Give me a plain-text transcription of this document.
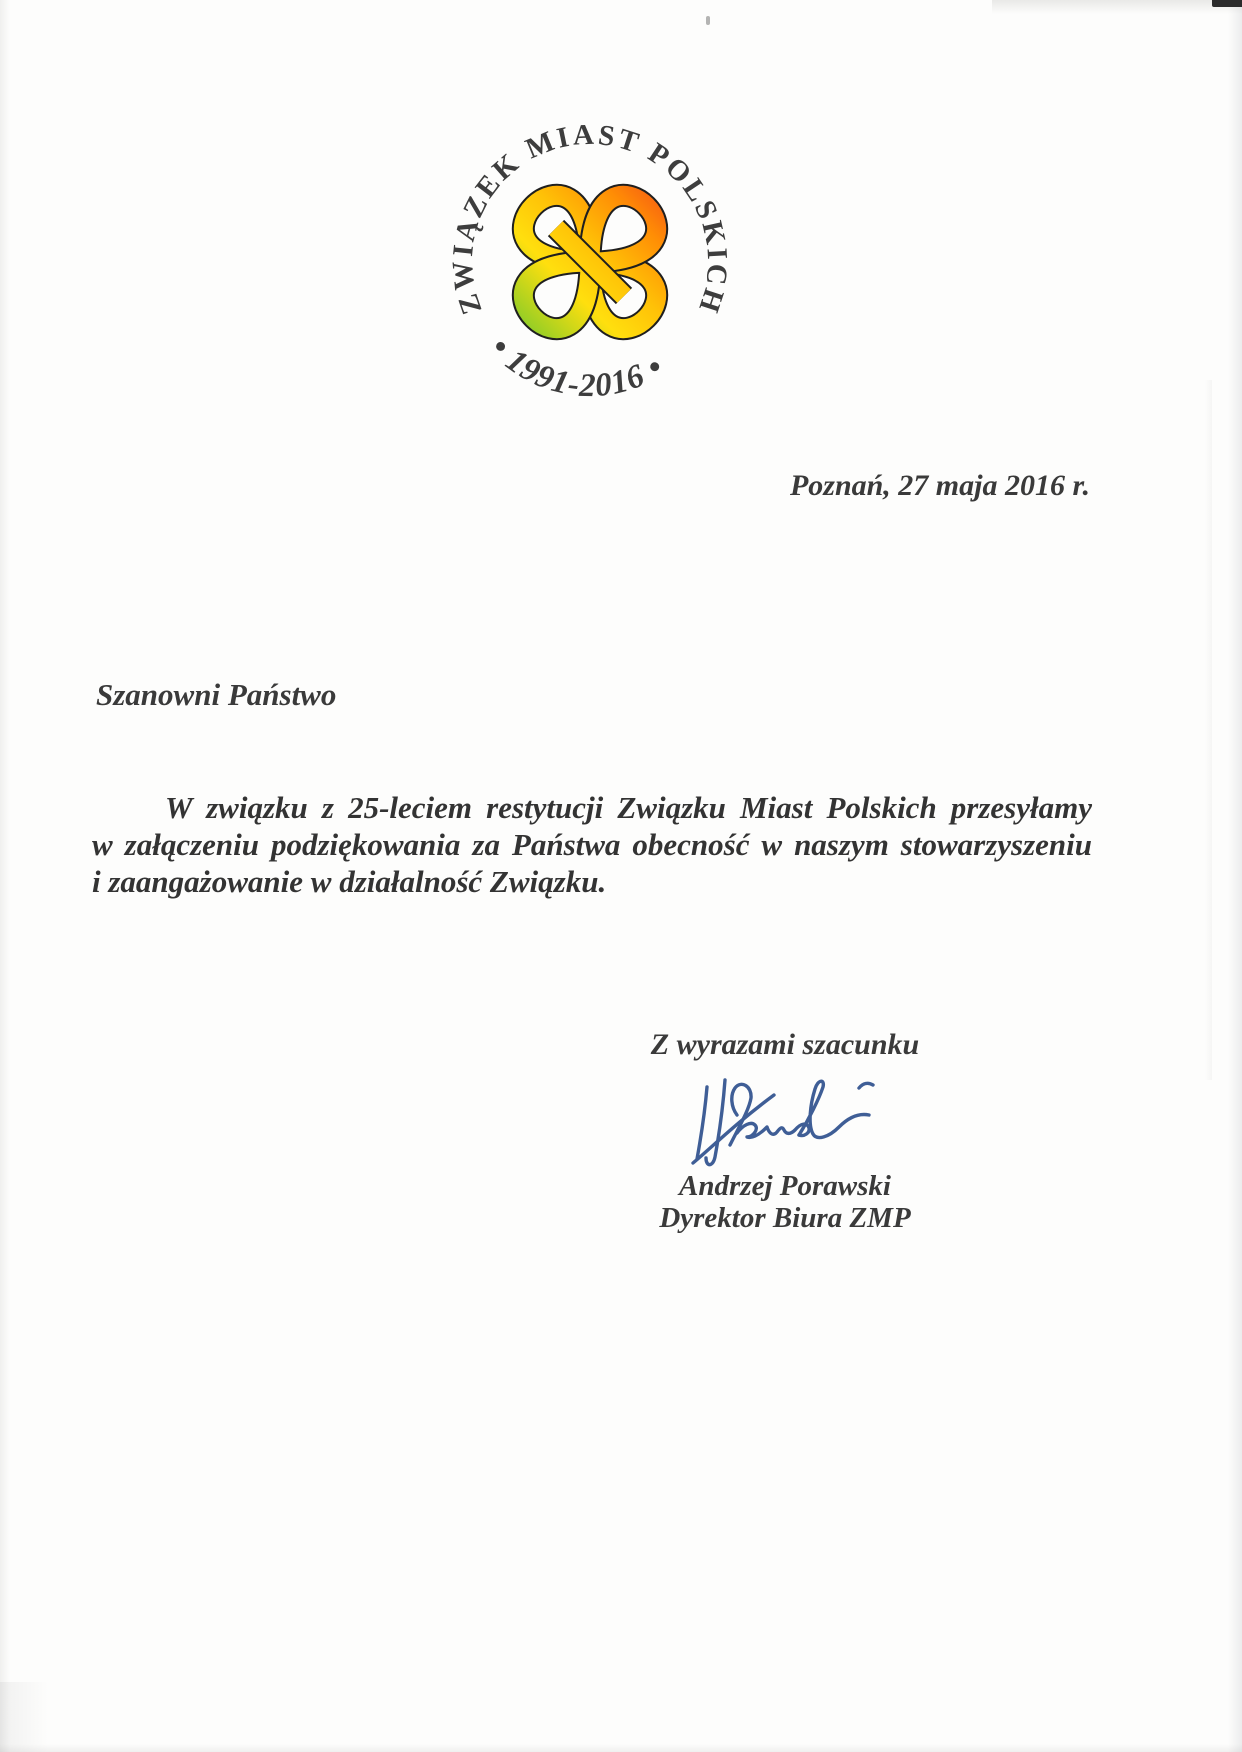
ZWIĄZEK MIAST POLSKICH
• 1991-2016 •
Poznań, 27 maja 2016 r.
Szanowni Państwo
W związku z 25-leciem restytucji Związku Miast Polskich przesyłamy
w załączeniu podziękowania za Państwa obecność w naszym stowarzyszeniu
i zaangażowanie w działalność Związku.
Z wyrazami szacunku
Andrzej Porawski
Dyrektor Biura ZMP
